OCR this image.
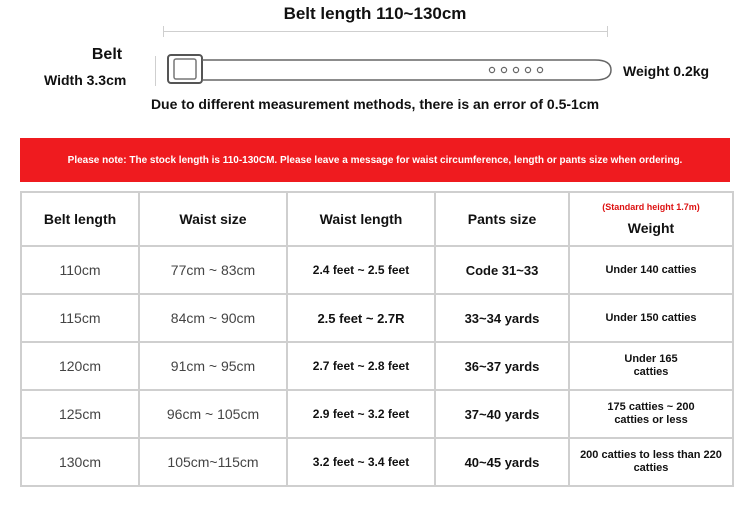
Belt length 110~130cm
Belt
Width 3.3cm
Weight 0.2kg
Due to different measurement methods, there is an error of 0.5-1cm
Please note: The stock length is 110-130CM. Please leave a message for waist circumference, length or pants size when ordering.
Belt length	Waist size	Waist length	Pants size	(Standard height 1.7m)
Weight
110cm	77cm ~ 83cm	2.4 feet ~ 2.5 feet	Code 31~33	Under 140 catties
115cm	84cm ~ 90cm	2.5 feet ~ 2.7R	33~34 yards	Under 150 catties
120cm	91cm ~ 95cm	2.7 feet ~ 2.8 feet	36~37 yards	Under 165 catties
125cm	96cm ~ 105cm	2.9 feet ~ 3.2 feet	37~40 yards	175 catties ~ 200 catties or less
130cm	105cm~115cm	3.2 feet ~ 3.4 feet	40~45 yards	200 catties to less than 220 catties
